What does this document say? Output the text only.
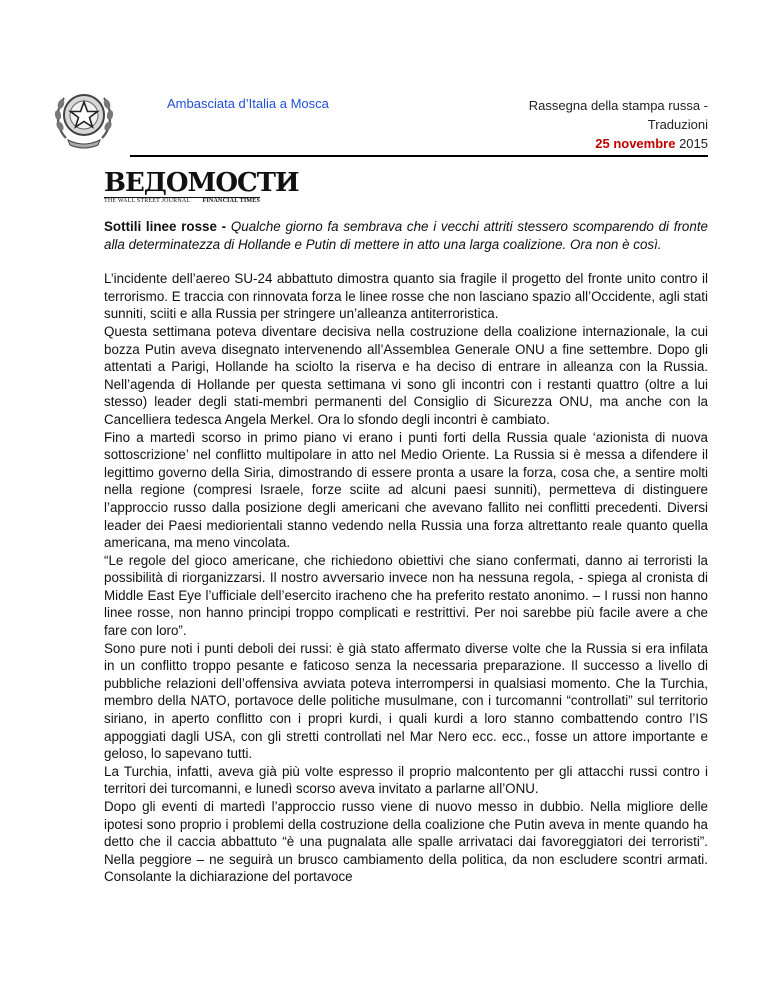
Ambasciata d’Italia a Mosca	Rassegna della stampa russa -
Traduzioni
25 novembre 2015
ВЕДОМОСТИ
THE WALL STREET JOURNAL FINANCIAL TIMES

Sottili linee rosse - Qualche giorno fa sembrava che i vecchi attriti stessero scomparendo di fronte alla determinatezza di Hollande e Putin di mettere in atto una larga coalizione. Ora non è così.

L’incidente dell’aereo SU-24 abbattuto dimostra quanto sia fragile il progetto del fronte unito contro il terrorismo. E traccia con rinnovata forza le linee rosse che non lasciano spazio all’Occidente, agli stati sunniti, sciiti e alla Russia per stringere un’alleanza antiterroristica.

Questa settimana poteva diventare decisiva nella costruzione della coalizione internazionale, la cui bozza Putin aveva disegnato intervenendo all’Assemblea Generale ONU a fine settembre. Dopo gli attentati a Parigi, Hollande ha sciolto la riserva e ha deciso di entrare in alleanza con la Russia. Nell’agenda di Hollande per questa settimana vi sono gli incontri con i restanti quattro (oltre a lui stesso) leader degli stati-membri permanenti del Consiglio di Sicurezza ONU, ma anche con la Cancelliera tedesca Angela Merkel. Ora lo sfondo degli incontri è cambiato.

Fino a martedì scorso in primo piano vi erano i punti forti della Russia quale ‘azionista di nuova sottoscrizione’ nel conflitto multipolare in atto nel Medio Oriente. La Russia si è messa a difendere il legittimo governo della Siria, dimostrando di essere pronta a usare la forza, cosa che, a sentire molti nella regione (compresi Israele, forze sciite ad alcuni paesi sunniti), permetteva di distinguere l’approccio russo dalla posizione degli americani che avevano fallito nei conflitti precedenti. Diversi leader dei Paesi mediorientali stanno vedendo nella Russia una forza altrettanto reale quanto quella americana, ma meno vincolata.

“Le regole del gioco americane, che richiedono obiettivi che siano confermati, danno ai terroristi la possibilità di riorganizzarsi. Il nostro avversario invece non ha nessuna regola, - spiega al cronista di Middle East Eye l’ufficiale dell’esercito iracheno che ha preferito restato anonimo. – I russi non hanno linee rosse, non hanno principi troppo complicati e restrittivi. Per noi sarebbe più facile avere a che fare con loro”.

Sono pure noti i punti deboli dei russi: è già stato affermato diverse volte che la Russia si era infilata in un conflitto troppo pesante e faticoso senza la necessaria preparazione. Il successo a livello di pubbliche relazioni dell’offensiva avviata poteva interrompersi in qualsiasi momento. Che la Turchia, membro della NATO, portavoce delle politiche musulmane, con i turcomanni “controllati” sul territorio siriano, in aperto conflitto con i propri kurdi, i quali kurdi a loro stanno combattendo contro l’IS appoggiati dagli USA, con gli stretti controllati nel Mar Nero ecc. ecc., fosse un attore importante e geloso, lo sapevano tutti.

La Turchia, infatti, aveva già più volte espresso il proprio malcontento per gli attacchi russi contro i territori dei turcomanni, e lunedì scorso aveva invitato a parlarne all’ONU.

Dopo gli eventi di martedì l’approccio russo viene di nuovo messo in dubbio. Nella migliore delle ipotesi sono proprio i problemi della costruzione della coalizione che Putin aveva in mente quando ha detto che il caccia abbattuto “è una pugnalata alle spalle arrivataci dai favoreggiatori dei terroristi”. Nella peggiore – ne seguirà un brusco cambiamento della politica, da non escludere scontri armati. Consolante la dichiarazione del portavoce
